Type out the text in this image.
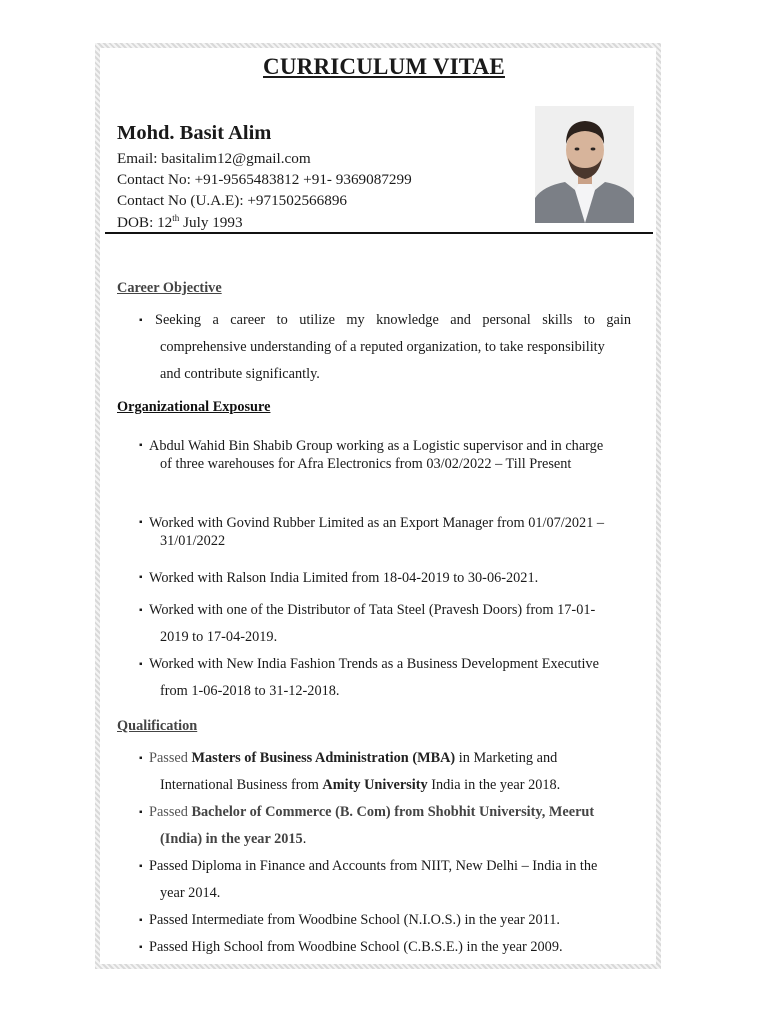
CURRICULUM VITAE
Mohd. Basit Alim
Email: basitalim12@gmail.com
Contact No: +91-9565483812 +91- 9369087299
Contact No (U.A.E): +971502566896
DOB: 12th July 1993
Career Objective
▪ Seeking a career to utilize my knowledge and personal skills to gain
comprehensive understanding of a reputed organization, to take responsibility
and contribute significantly.
Organizational Exposure
▪ Abdul Wahid Bin Shabib Group working as a Logistic supervisor and in charge
of three warehouses for Afra Electronics from 03/02/2022 – Till Present
▪ Worked with Govind Rubber Limited as an Export Manager from 01/07/2021 –
31/01/2022
▪ Worked with Ralson India Limited from 18-04-2019 to 30-06-2021.
▪ Worked with one of the Distributor of Tata Steel (Pravesh Doors) from 17-01-
2019 to 17-04-2019.
▪ Worked with New India Fashion Trends as a Business Development Executive
from 1-06-2018 to 31-12-2018.
Qualification
▪ Passed Masters of Business Administration (MBA) in Marketing and
International Business from Amity University India in the year 2018.
▪ Passed Bachelor of Commerce (B. Com) from Shobhit University, Meerut
(India) in the year 2015.
▪ Passed Diploma in Finance and Accounts from NIIT, New Delhi – India in the
year 2014.
▪ Passed Intermediate from Woodbine School (N.I.O.S.) in the year 2011.
▪ Passed High School from Woodbine School (C.B.S.E.) in the year 2009.
